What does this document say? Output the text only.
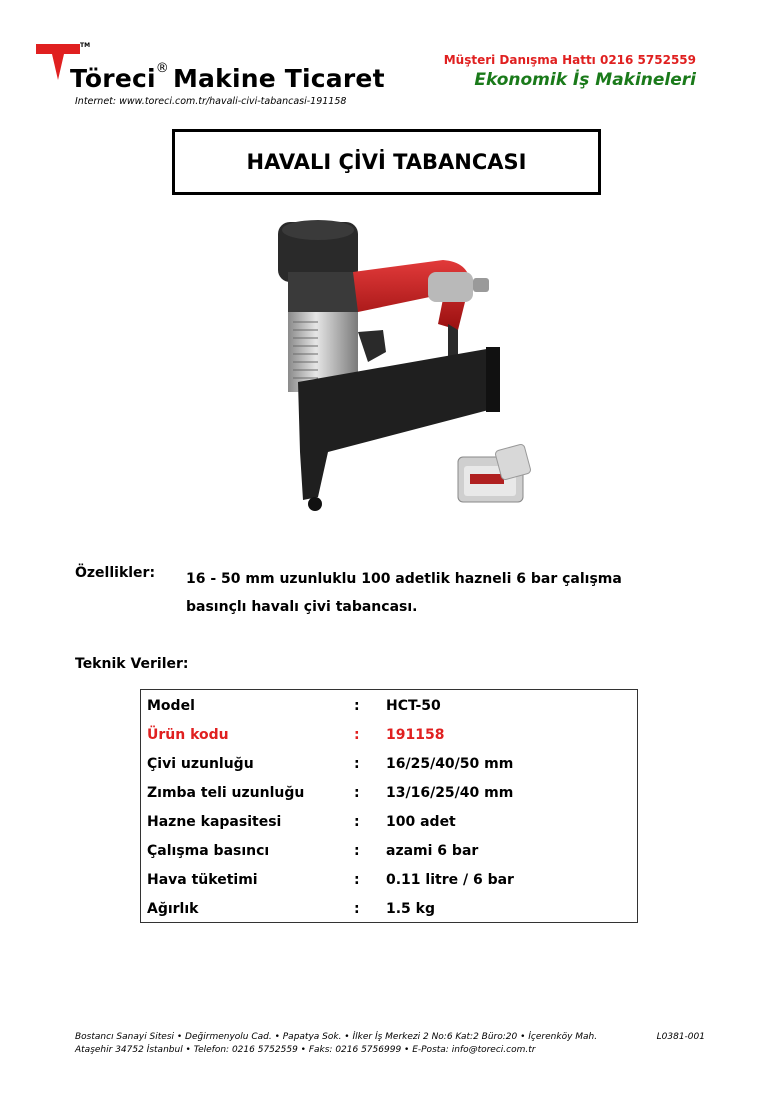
TM
Töreci® Makine Ticaret
Internet: www.toreci.com.tr/havali-civi-tabancasi-191158
Müşteri Danışma Hattı 0216 5752559
Ekonomik İş Makineleri
HAVALI ÇİVİ TABANCASI
Özellikler: 16 - 50 mm uzunluklu 100 adetlik hazneli 6 bar çalışma basınçlı havalı çivi tabancası.
Teknik Veriler:
Model	:	HCT-50
Ürün kodu	:	191158
Çivi uzunluğu	:	16/25/40/50 mm
Zımba teli uzunluğu	:	13/16/25/40 mm
Hazne kapasitesi	:	100 adet
Çalışma basıncı	:	azami 6 bar
Hava tüketimi	:	0.11 litre / 6 bar
Ağırlık	:	1.5 kg
Bostancı Sanayi Sitesi • Değirmenyolu Cad. • Papatya Sok. • İlker İş Merkezi 2 No:6 Kat:2 Büro:20 • İçerenköy Mah.
Ataşehir 34752 İstanbul • Telefon: 0216 5752559 • Faks: 0216 5756999 • E-Posta: info@toreci.com.tr
L0381-001
